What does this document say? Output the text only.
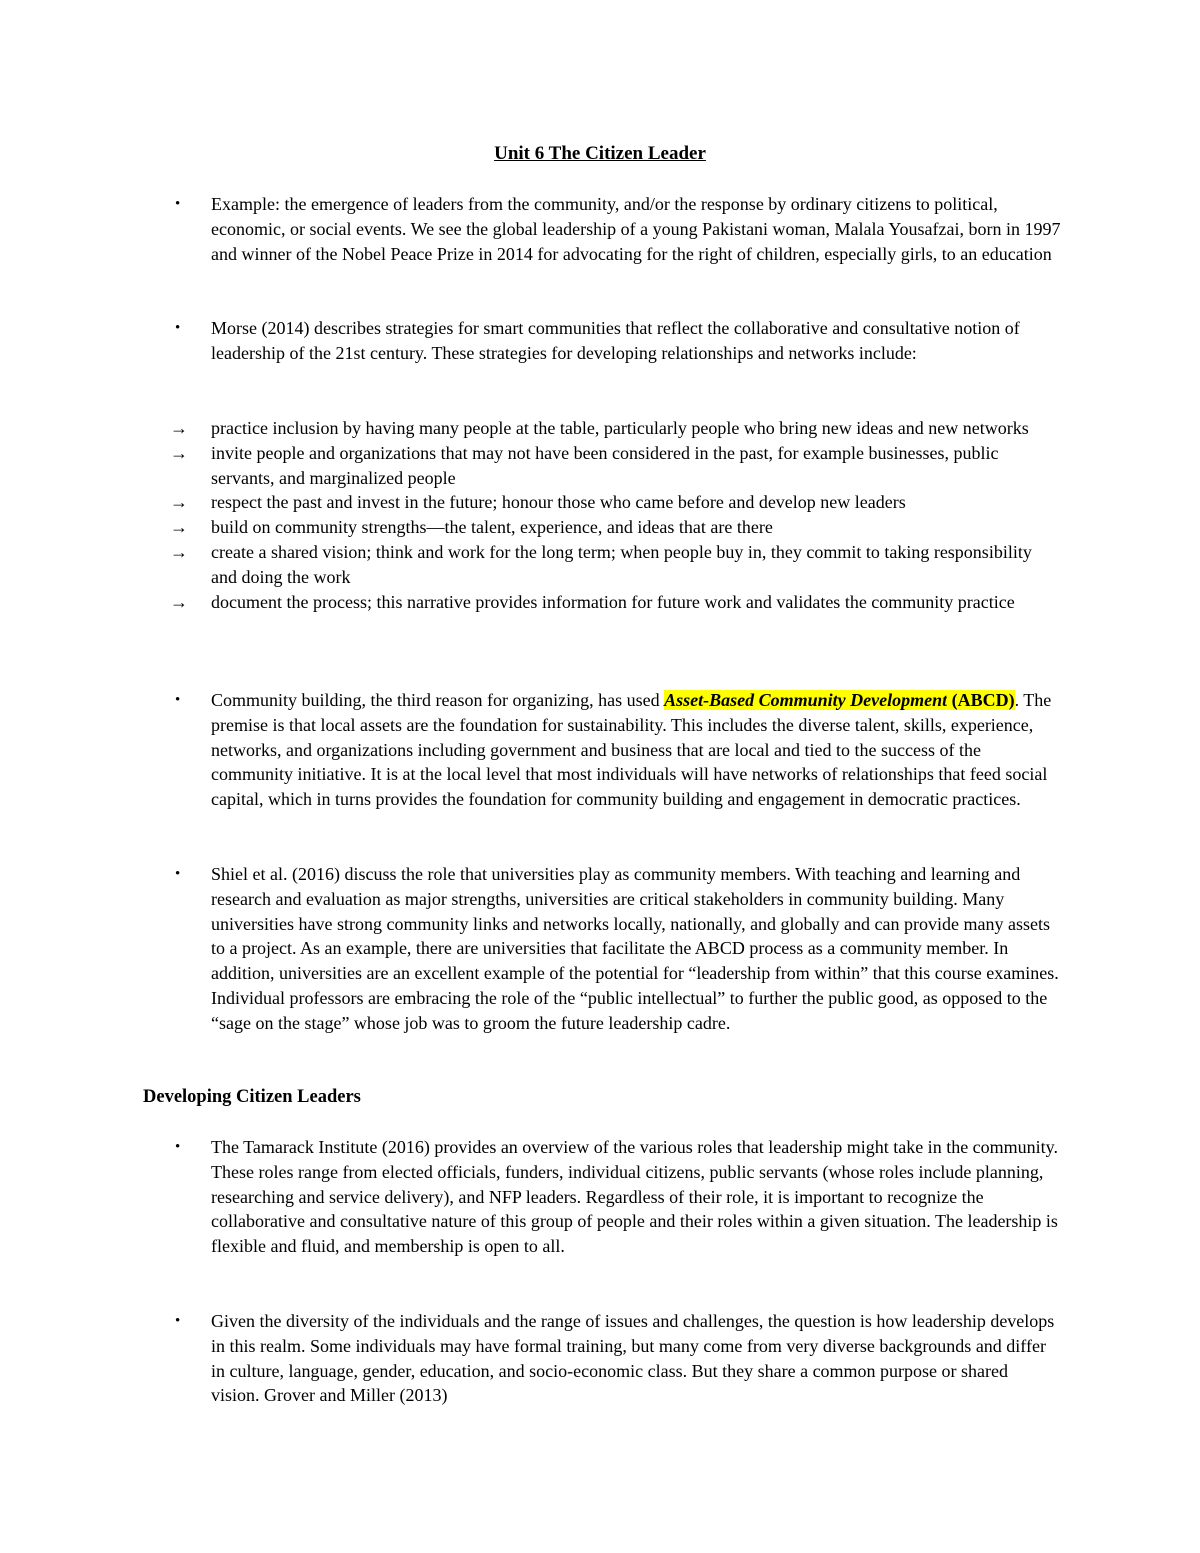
Unit 6 The Citizen Leader
• Example: the emergence of leaders from the community, and/or the response by ordinary citizens to political, economic, or social events. We see the global leadership of a young Pakistani woman, Malala Yousafzai, born in 1997 and winner of the Nobel Peace Prize in 2014 for advocating for the right of children, especially girls, to an education
• Morse (2014) describes strategies for smart communities that reflect the collaborative and consultative notion of leadership of the 21st century. These strategies for developing relationships and networks include:
→ practice inclusion by having many people at the table, particularly people who bring new ideas and new networks
→ invite people and organizations that may not have been considered in the past, for example businesses, public servants, and marginalized people
→ respect the past and invest in the future; honour those who came before and develop new leaders
→ build on community strengths—the talent, experience, and ideas that are there
→ create a shared vision; think and work for the long term; when people buy in, they commit to taking responsibility and doing the work
→ document the process; this narrative provides information for future work and validates the community practice
• Community building, the third reason for organizing, has used Asset-Based Community Development (ABCD). The premise is that local assets are the foundation for sustainability. This includes the diverse talent, skills, experience, networks, and organizations including government and business that are local and tied to the success of the community initiative. It is at the local level that most individuals will have networks of relationships that feed social capital, which in turns provides the foundation for community building and engagement in democratic practices.
• Shiel et al. (2016) discuss the role that universities play as community members. With teaching and learning and research and evaluation as major strengths, universities are critical stakeholders in community building. Many universities have strong community links and networks locally, nationally, and globally and can provide many assets to a project. As an example, there are universities that facilitate the ABCD process as a community member. In addition, universities are an excellent example of the potential for “leadership from within” that this course examines. Individual professors are embracing the role of the “public intellectual” to further the public good, as opposed to the “sage on the stage” whose job was to groom the future leadership cadre.
Developing Citizen Leaders
• The Tamarack Institute (2016) provides an overview of the various roles that leadership might take in the community. These roles range from elected officials, funders, individual citizens, public servants (whose roles include planning, researching and service delivery), and NFP leaders. Regardless of their role, it is important to recognize the collaborative and consultative nature of this group of people and their roles within a given situation. The leadership is flexible and fluid, and membership is open to all.
• Given the diversity of the individuals and the range of issues and challenges, the question is how leadership develops in this realm. Some individuals may have formal training, but many come from very diverse backgrounds and differ in culture, language, gender, education, and socio-economic class. But they share a common purpose or shared vision. Grover and Miller (2013)
